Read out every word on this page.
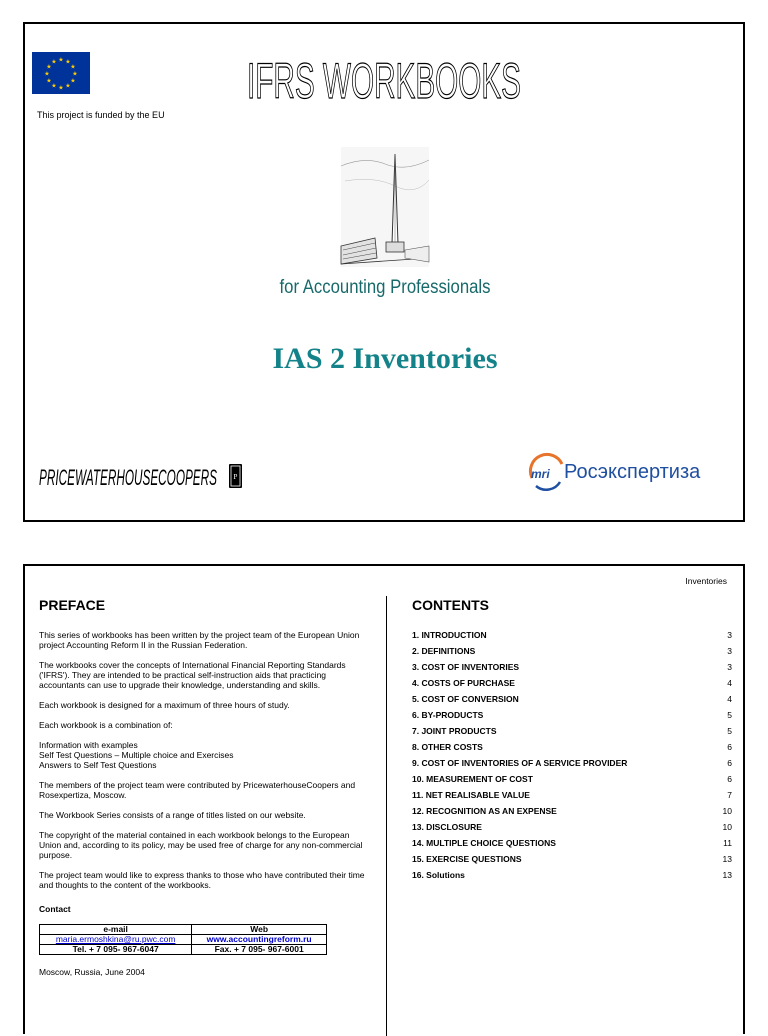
★ ★
★
★
★
★
★
★
★
★
★
★
This project is funded by the EU
IFRS WORKBOOKS
for Accounting Professionals
IAS 2 Inventories
PRICEWATERHOUSECOOPERS P	mri Росэкспертиза
Inventories
PREFACE

This series of workbooks has been written by the project team of the European Union project Accounting Reform II in the Russian Federation.

The workbooks cover the concepts of International Financial Reporting Standards ('IFRS'). They are intended to be practical self-instruction aids that practicing accountants can use to upgrade their knowledge, understanding and skills.

Each workbook is designed for a maximum of three hours of study.

Each workbook is a combination of:

Information with examples
Self Test Questions – Multiple choice and Exercises
Answers to Self Test Questions

The members of the project team were contributed by PricewaterhouseCoopers and Rosexpertiza, Moscow.

The Workbook Series consists of a range of titles listed on our website.

The copyright of the material contained in each workbook belongs to the European Union and, according to its policy, may be used free of charge for any non-commercial purpose.

The project team would like to express thanks to those who have contributed their time and thoughts to the content of the workbooks.

Contact
e-mail	Web
maria.ermoshkina@ru.pwc.com	www.accountingreform.ru
Tel. + 7 095- 967-6047	Fax. + 7 095- 967-6001
Moscow, Russia, June 2004
CONTENTS
1. INTRODUCTION	3
2. DEFINITIONS	3
3. COST OF INVENTORIES	3
4. COSTS OF PURCHASE	4
5. COST OF CONVERSION	4
6. BY-PRODUCTS	5
7. JOINT PRODUCTS	5
8. OTHER COSTS	6
9. COST OF INVENTORIES OF A SERVICE PROVIDER	6
10. MEASUREMENT OF COST	6
11. NET REALISABLE VALUE	7
12. RECOGNITION AS AN EXPENSE	10
13. DISCLOSURE	10
14. MULTIPLE CHOICE QUESTIONS	11
15. EXERCISE QUESTIONS	13
16. Solutions	13
